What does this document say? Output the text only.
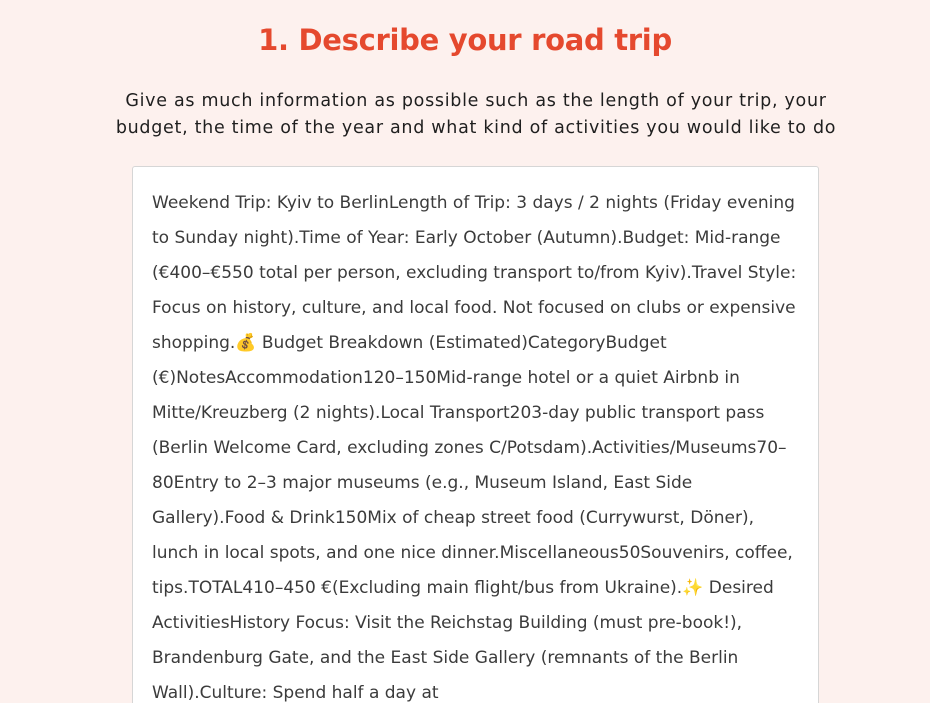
1. Describe your road trip

Give as much information as possible such as the length of your trip, your budget, the time of the year and what kind of activities you would like to do

Weekend Trip: Kyiv to BerlinLength of Trip: 3 days / 2 nights (Friday evening to Sunday night).Time of Year: Early October (Autumn).Budget: Mid-range (€400–€550 total per person, excluding transport to/from Kyiv).Travel Style: Focus on history, culture, and local food. Not focused on clubs or expensive shopping.💰 Budget Breakdown (Estimated)CategoryBudget (€)NotesAccommodation120–150Mid-range hotel or a quiet Airbnb in Mitte/Kreuzberg (2 nights).Local Transport203-day public transport pass (Berlin Welcome Card, excluding zones C/Potsdam).Activities/Museums70–80Entry to 2–3 major museums (e.g., Museum Island, East Side Gallery).Food & Drink150Mix of cheap street food (Currywurst, Döner), lunch in local spots, and one nice dinner.Miscellaneous50Souvenirs, coffee, tips.TOTAL410–450 €(Excluding main flight/bus from Ukraine).✨ Desired ActivitiesHistory Focus: Visit the Reichstag Building (must pre-book!), Brandenburg Gate, and the East Side Gallery (remnants of the Berlin Wall).Culture: Spend half a day at
